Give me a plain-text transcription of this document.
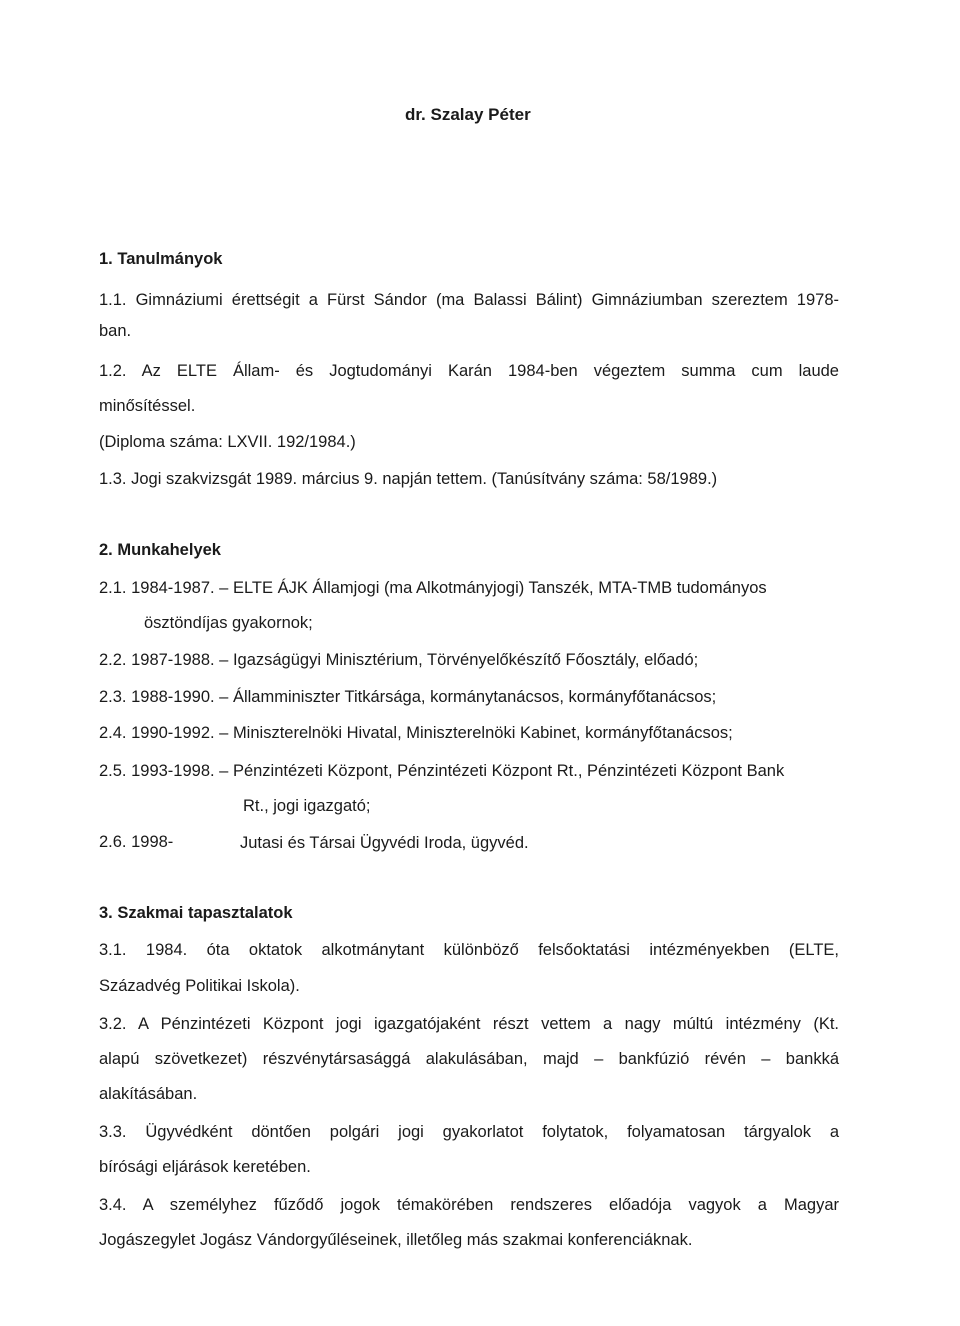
dr. Szalay Péter
1. Tanulmányok
1.1. Gimnáziumi érettségit a Fürst Sándor (ma Balassi Bálint) Gimnáziumban szereztem 1978-
ban.
1.2. Az ELTE Állam- és Jogtudományi Karán 1984-ben végeztem summa cum laude
minősítéssel.
(Diploma száma: LXVII. 192/1984.)
1.3. Jogi szakvizsgát 1989. március 9. napján tettem. (Tanúsítvány száma: 58/1989.)
2. Munkahelyek
2.1. 1984-1987. – ELTE ÁJK Államjogi (ma Alkotmányjogi) Tanszék, MTA-TMB tudományos
ösztöndíjas gyakornok;
2.2. 1987-1988. – Igazságügyi Minisztérium, Törvényelőkészítő Főosztály, előadó;
2.3. 1988-1990. – Államminiszter Titkársága, kormánytanácsos, kormányfőtanácsos;
2.4. 1990-1992. – Miniszterelnöki Hivatal, Miniszterelnöki Kabinet, kormányfőtanácsos;
2.5. 1993-1998. – Pénzintézeti Központ, Pénzintézeti Központ Rt., Pénzintézeti Központ Bank
Rt., jogi igazgató;
2.6. 1998-	Jutasi és Társai Ügyvédi Iroda, ügyvéd.
3. Szakmai tapasztalatok
3.1. 1984. óta oktatok alkotmánytant különböző felsőoktatási intézményekben (ELTE,
Századvég Politikai Iskola).
3.2. A Pénzintézeti Központ jogi igazgatójaként részt vettem a nagy múltú intézmény (Kt.
alapú szövetkezet) részvénytársasággá alakulásában, majd – bankfúzió révén – bankká
alakításában.
3.3. Ügyvédként döntően polgári jogi gyakorlatot folytatok, folyamatosan tárgyalok a
bírósági eljárások keretében.
3.4. A személyhez fűződő jogok témakörében rendszeres előadója vagyok a Magyar
Jogászegylet Jogász Vándorgyűléseinek, illetőleg más szakmai konferenciáknak.
